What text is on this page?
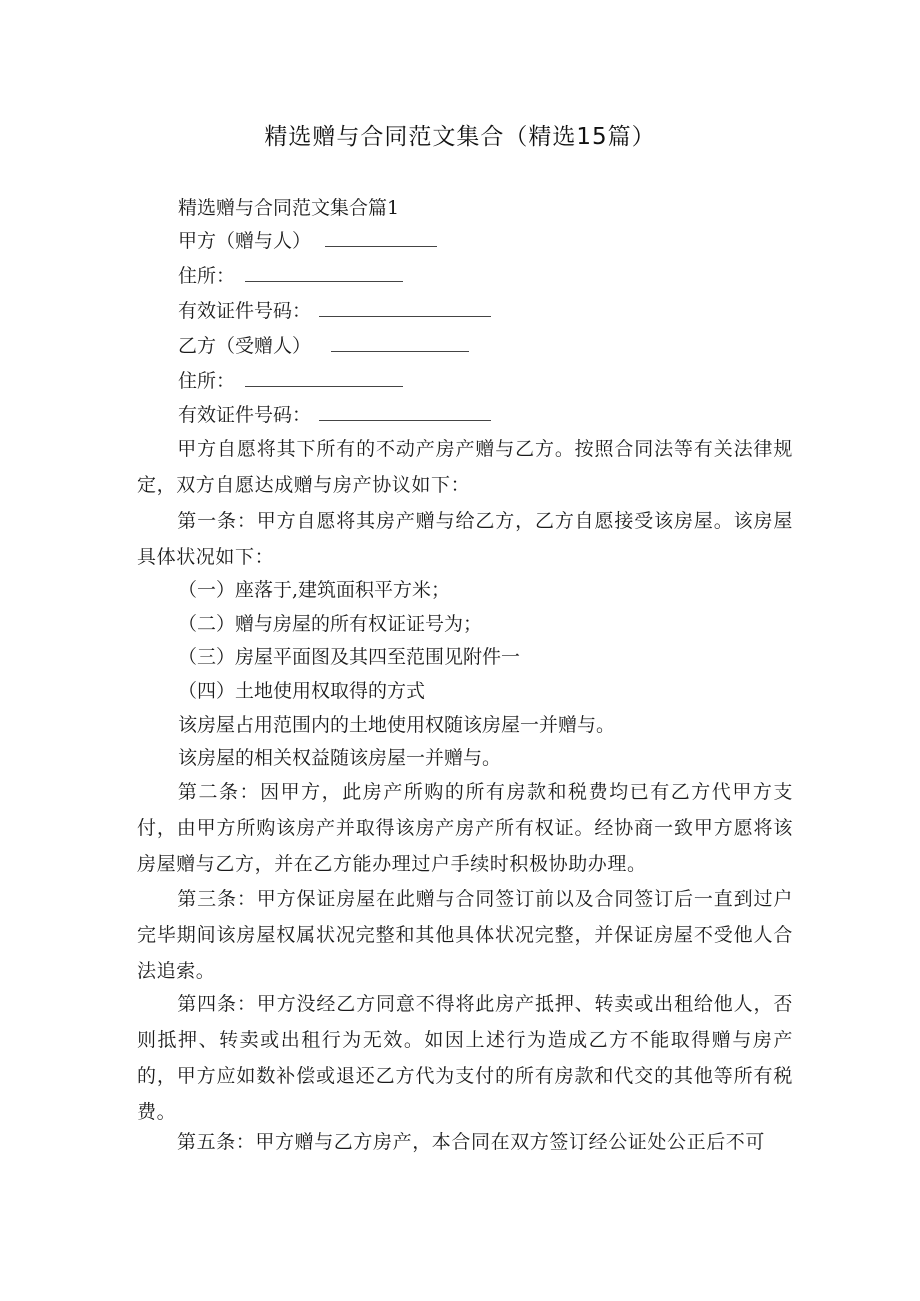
精选赠与合同范文集合（精选15篇）
精选赠与合同范文集合篇1
甲方（赠与人）
住所：
有效证件号码：
乙方（受赠人）
住所：
有效证件号码：
甲方自愿将其下所有的不动产房产赠与乙方。按照合同法等有关法律规定，双方自愿达成赠与房产协议如下：
第一条：甲方自愿将其房产赠与给乙方，乙方自愿接受该房屋。该房屋具体状况如下：
（一）座落于,建筑面积平方米；
（二）赠与房屋的所有权证证号为；
（三）房屋平面图及其四至范围见附件一
（四）土地使用权取得的方式
该房屋占用范围内的土地使用权随该房屋一并赠与。
该房屋的相关权益随该房屋一并赠与。
第二条：因甲方，此房产所购的所有房款和税费均已有乙方代甲方支付，由甲方所购该房产并取得该房产房产所有权证。经协商一致甲方愿将该房屋赠与乙方，并在乙方能办理过户手续时积极协助办理。
第三条：甲方保证房屋在此赠与合同签订前以及合同签订后一直到过户完毕期间该房屋权属状况完整和其他具体状况完整，并保证房屋不受他人合法追索。
第四条：甲方没经乙方同意不得将此房产抵押、转卖或出租给他人，否则抵押、转卖或出租行为无效。如因上述行为造成乙方不能取得赠与房产的，甲方应如数补偿或退还乙方代为支付的所有房款和代交的其他等所有税费。
第五条：甲方赠与乙方房产，本合同在双方签订经公证处公正后不可
